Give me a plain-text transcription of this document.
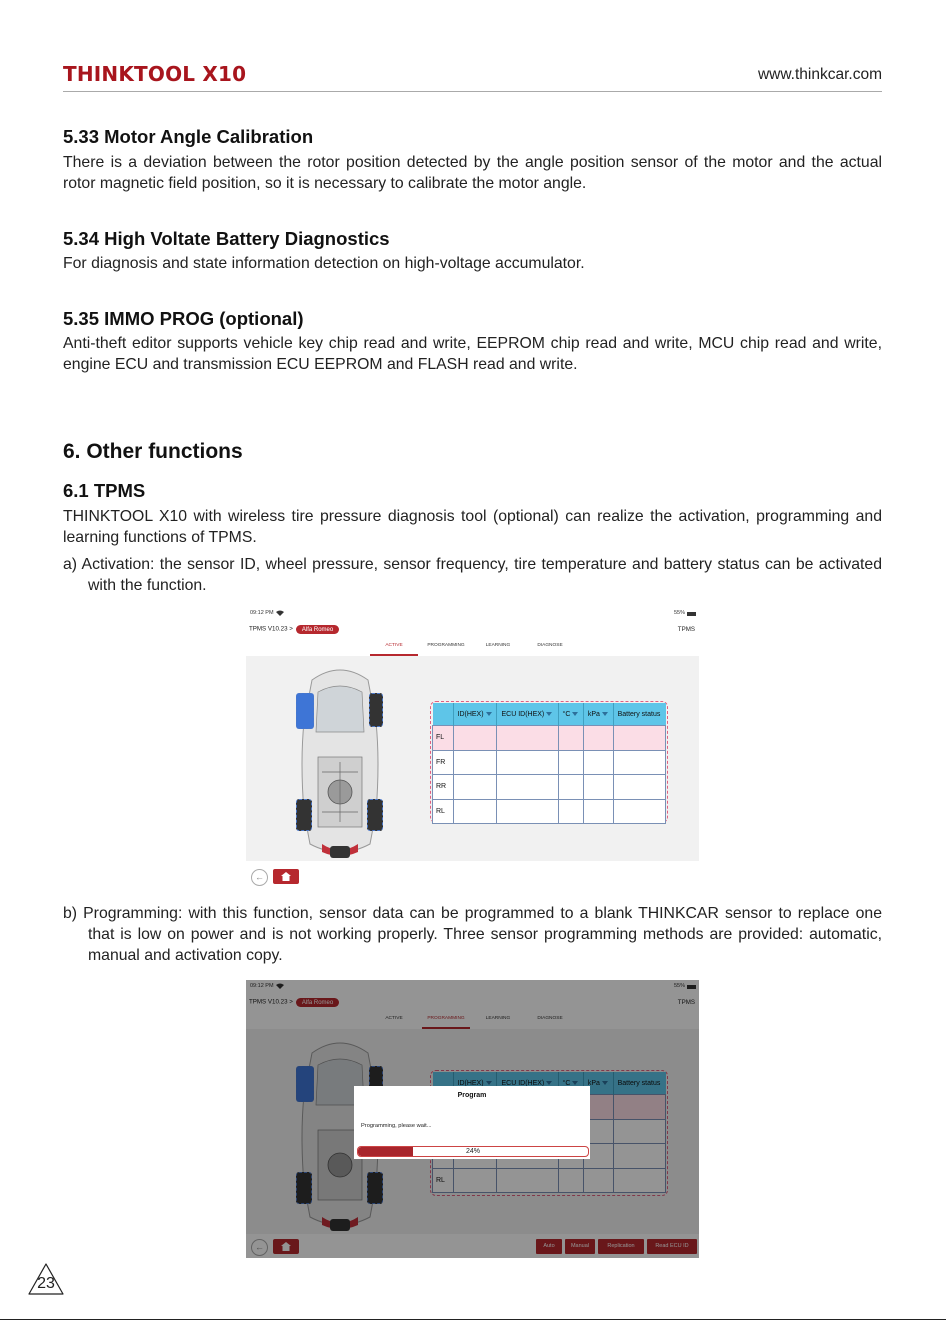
THINKTOOL X10	www.thinkcar.com
5.33 Motor Angle Calibration
There is a deviation between the rotor position detected by the angle position sensor of the motor and the actual rotor magnetic field position, so it is necessary to calibrate the motor angle.
5.34 High Voltate Battery Diagnostics
For diagnosis and state information detection on high-voltage accumulator.
5.35 IMMO PROG (optional)
Anti-theft editor supports vehicle key chip read and write, EEPROM chip read and write, MCU chip read and write, engine ECU and transmission ECU EEPROM and FLASH read and write.
6. Other functions
6.1 TPMS
THINKTOOL X10 with wireless tire pressure diagnosis tool (optional) can realize the activation, programming and learning functions of TPMS.
a) Activation: the sensor ID, wheel pressure, sensor frequency, tire temperature and battery status can be activated with the function.
09:12 PM	55%
TPMS V10.23 > Alfa Romeo	TPMS
ACTIVE	PROGRAMMING	LEARNING	DIAGNOSE
	ID(HEX)	ECU ID(HEX)	°C	kPa	Battery status
FL					
FR					
RR					
RL					
←
b) Programming: with this function, sensor data can be programmed to a blank THINKCAR sensor to replace one that is low on power and is not working properly. Three sensor programming methods are provided: automatic, manual and activation copy.
09:12 PM	55%
TPMS V10.23 > Alfa Romeo	TPMS
ACTIVE	PROGRAMMING	LEARNING	DIAGNOSE
	ID(HEX)	ECU ID(HEX)	°C	kPa	Battery status

RL					
←	Auto	Manual	Replication	Read ECU ID
Program
Programming, please wait...
24%
23
